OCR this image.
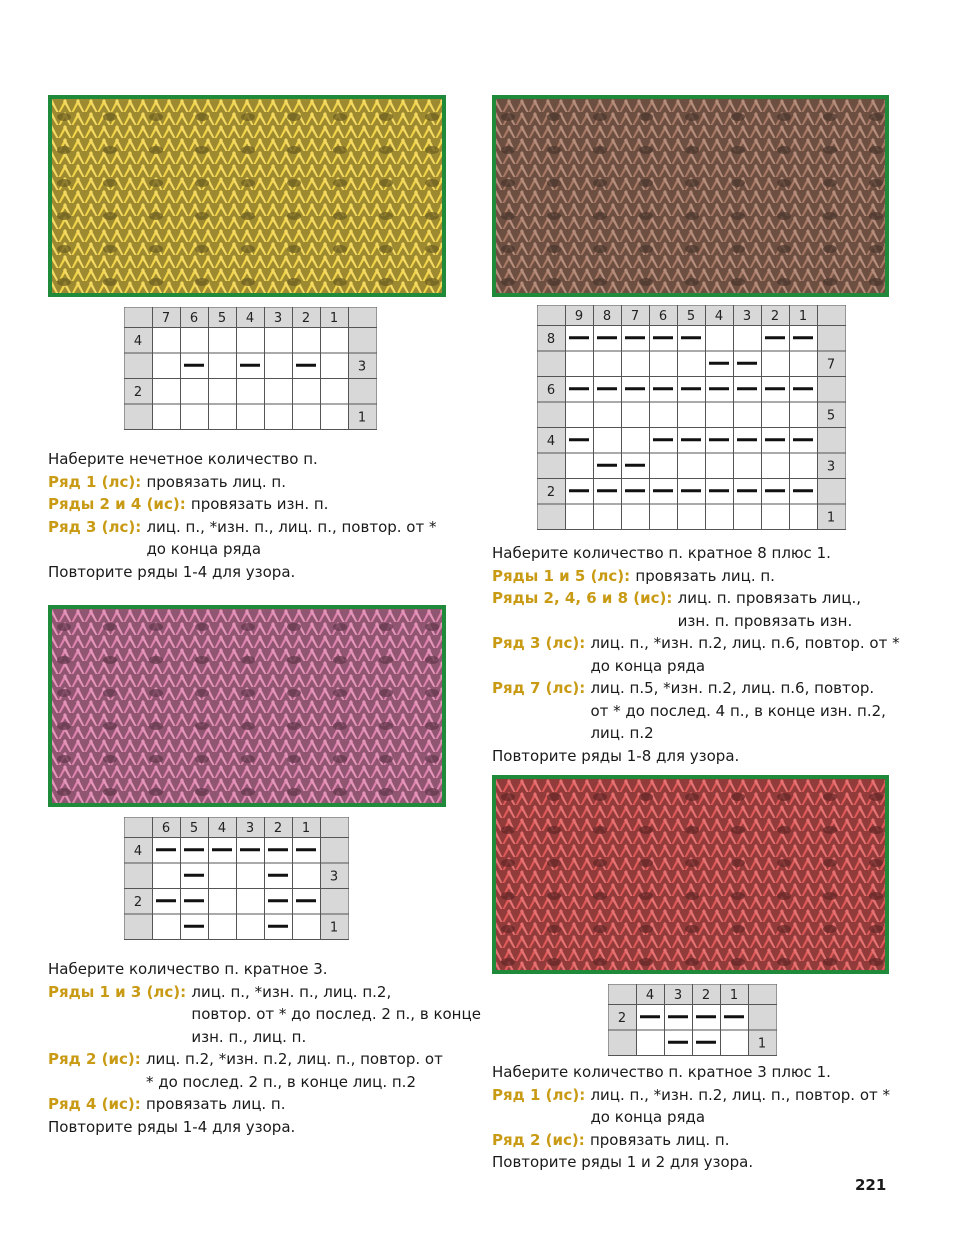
7 6 5 4 3 2 1
4
3
2
1

Наберите нечетное количество п.

Ряд 1 (лс): провязать лиц. п.
Ряды 2 и 4 (ис): провязать изн. п.
Ряд 3 (лс): лиц. п., *изн. п., лиц. п., повтор. от *
до конца ряда

Повторите ряды 1-4 для узора.

9 8 7 6 5 4 3 2 1
8
7
6
5
4
3
2
1

Наберите количество п. кратное 8 плюс 1.

Ряды 1 и 5 (лс): провязать лиц. п.
Ряды 2, 4, 6 и 8 (ис): лиц. п. провязать лиц.,
изн. п. провязать изн.
Ряд 3 (лс): лиц. п., *изн. п.2, лиц. п.6, повтор. от *
до конца ряда
Ряд 7 (лс): лиц. п.5, *изн. п.2, лиц. п.6, повтор.
от * до послед. 4 п., в конце изн. п.2,
лиц. п.2

Повторите ряды 1-8 для узора.

6 5 4 3 2 1
4
3
2
1

Наберите количество п. кратное 3.

Ряды 1 и 3 (лс): лиц. п., *изн. п., лиц. п.2,
повтор. от * до послед. 2 п., в конце
изн. п., лиц. п.
Ряд 2 (ис): лиц. п.2, *изн. п.2, лиц. п., повтор. от
* до послед. 2 п., в конце лиц. п.2
Ряд 4 (ис): провязать лиц. п.

Повторите ряды 1-4 для узора.

4 3 2 1
2
1

Наберите количество п. кратное 3 плюс 1.

Ряд 1 (лс): лиц. п., *изн. п.2, лиц. п., повтор. от *
до конца ряда
Ряд 2 (ис): провязать лиц. п.

Повторите ряды 1 и 2 для узора.

221
